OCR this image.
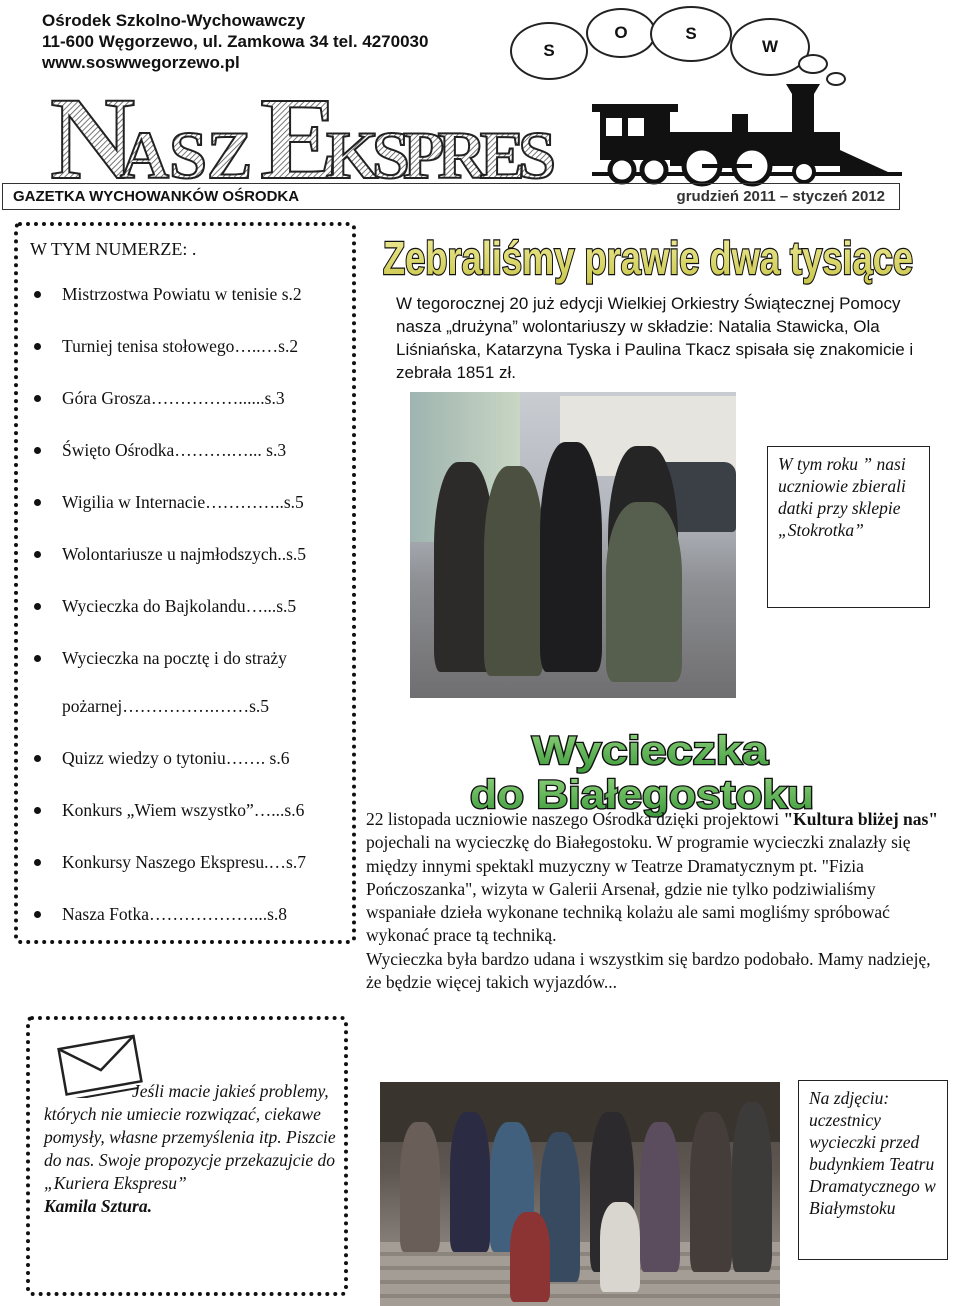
Ośrodek Szkolno-Wychowawczy
11-600 Węgorzewo, ul. Zamkowa 34 tel. 4270030
www.soswwegorzewo.pl
S
O	S
W
N
ASZ E
KSPRES
GAZETKA WYCHOWANKÓW OŚRODKA	grudzień 2011 – styczeń 2012
W TYM NUMERZE: .
Mistrzostwa Powiatu w tenisie s.2
Turniej tenisa stołowego…..…s.2
Góra Grosza……………......s.3
Święto Ośrodka……….…... s.3
Wigilia w Internacie…………..s.5
Wolontariusze u najmłodszych..s.5
Wycieczka do Bajkolandu…...s.5
Wycieczka na pocztę i do straży
pożarnej…………….……s.5
Quizz wiedzy o tytoniu……. s.6
Konkurs „Wiem wszystko”…...s.6
Konkursy Naszego Ekspresu.…s.7
Nasza Fotka………………...s.8
Zebraliśmy prawie dwa tysiące
W tegorocznej 20 już edycji Wielkiej Orkiestry Świątecznej Pomocy nasza „drużyna” wolontariuszy w składzie: Natalia Stawicka, Ola Liśniańska, Katarzyna Tyska i Paulina Tkacz spisała się znakomicie i zebrała 1851 zł.
W tym roku ” nasi uczniowie zbierali datki przy sklepie „Stokrotka”
Wycieczka
do Białegostoku
22 listopada uczniowie naszego Ośrodka dzięki projektowi "Kultura bliżej nas" pojechali na wycieczkę do Białegostoku. W programie wycieczki znalazły się między innymi spektakl muzyczny w Teatrze Dramatycznym pt. "Fizia Pończoszanka", wizyta w Galerii Arsenał, gdzie nie tylko podziwialiśmy wspaniałe dzieła wykonane techniką kolażu ale sami mogliśmy spróbować wykonać prace tą techniką.
Wycieczka była bardzo udana i wszystkim się bardzo podobało. Mamy nadzieję, że będzie więcej takich wyjazdów...
Na zdjęciu: uczestnicy wycieczki przed budynkiem Teatru Dramatycznego w Białymstoku
Jeśli macie jakieś problemy, których nie umiecie rozwiązać, ciekawe pomysły, własne przemyślenia itp. Piszcie do nas. Swoje propozycje przekazujcie do „Kuriera Ekspresu”
Kamila Sztura.
